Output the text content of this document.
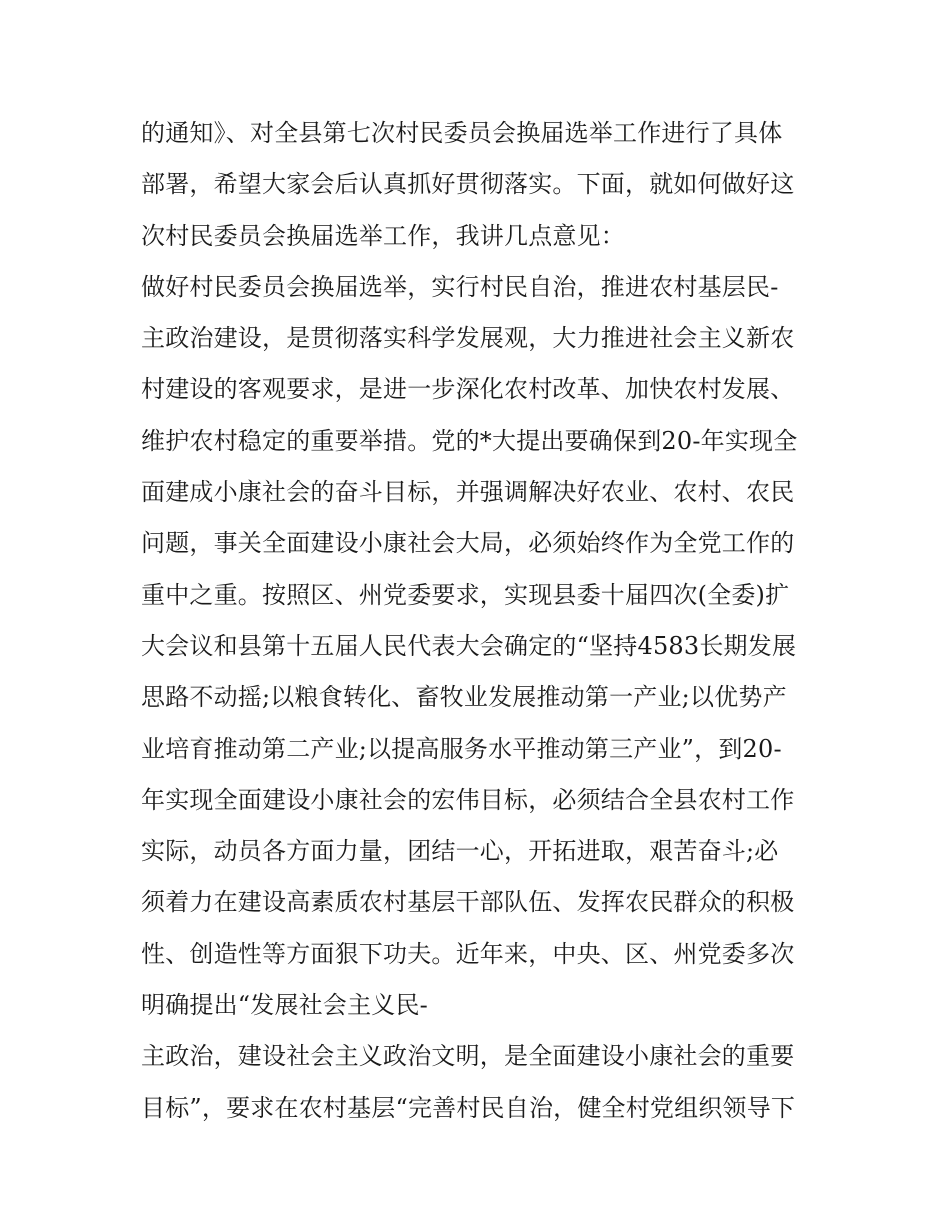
的通知》、对全县第七次村民委员会换届选举工作进行了具体
部署，希望大家会后认真抓好贯彻落实。下面，就如何做好这
次村民委员会换届选举工作，我讲几点意见：
做好村民委员会换届选举，实行村民自治，推进农村基层民-
主政治建设，是贯彻落实科学发展观，大力推进社会主义新农
村建设的客观要求，是进一步深化农村改革、加快农村发展、
维护农村稳定的重要举措。党的*大提出要确保到20-年实现全
面建成小康社会的奋斗目标，并强调解决好农业、农村、农民
问题，事关全面建设小康社会大局，必须始终作为全党工作的
重中之重。按照区、州党委要求，实现县委十届四次(全委)扩
大会议和县第十五届人民代表大会确定的“坚持4583长期发展
思路不动摇;以粮食转化、畜牧业发展推动第一产业;以优势产
业培育推动第二产业;以提高服务水平推动第三产业”，到20-
年实现全面建设小康社会的宏伟目标，必须结合全县农村工作
实际，动员各方面力量，团结一心，开拓进取，艰苦奋斗;必
须着力在建设高素质农村基层干部队伍、发挥农民群众的积极
性、创造性等方面狠下功夫。近年来，中央、区、州党委多次
明确提出“发展社会主义民-
主政治，建设社会主义政治文明，是全面建设小康社会的重要
目标”，要求在农村基层“完善村民自治，健全村党组织领导下
